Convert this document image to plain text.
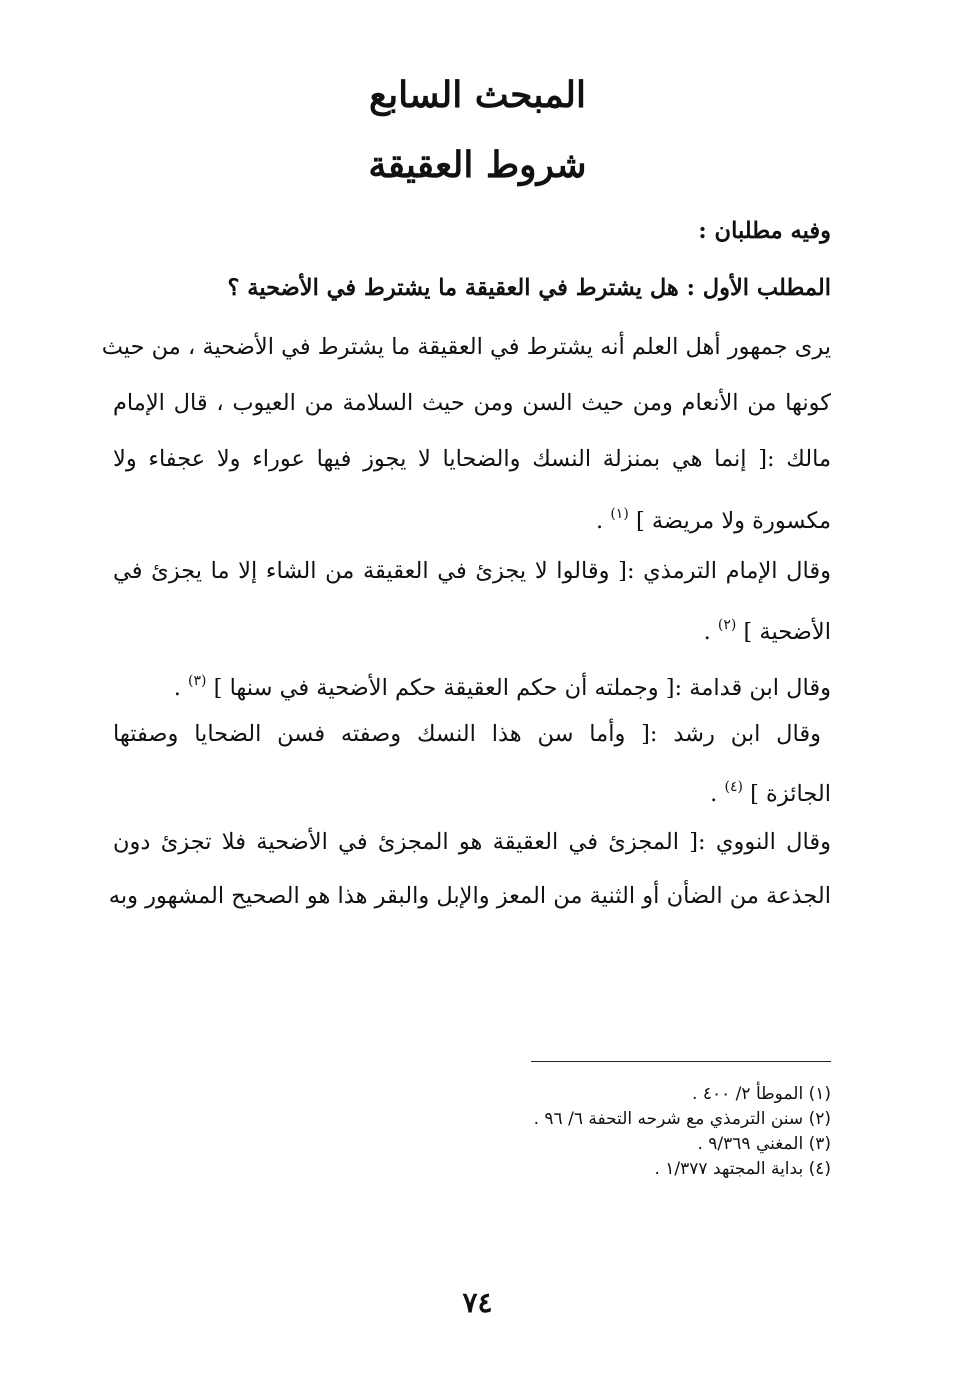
المبحث السابع
شروط العقيقة
وفيه مطلبان :
المطلب الأول : هل يشترط في العقيقة ما يشترط في الأضحية ؟
يرى جمهور أهل العلم أنه يشترط في العقيقة ما يشترط في الأضحية ، من حيث
كونها من الأنعام ومن حيث السن ومن حيث السلامة من العيوب ، قال الإمام
مالك :[ إنما هي بمنزلة النسك والضحايا لا يجوز فيها عوراء ولا عجفاء ولا
مكسورة ولا مريضة ] $^{(١)}$ .
وقال الإمام الترمذي :[ وقالوا لا يجزئ في العقيقة من الشاء إلا ما يجزئ في
الأضحية ] $^{(٢)}$ .
وقال ابن قدامة :[ وجملته أن حكم العقيقة حكم الأضحية في سنها ] $^{(٣)}$ .
وقال ابن رشد :[ وأما سن هذا النسك وصفته فسن الضحايا وصفتها
الجائزة ] $^{(٤)}$ .
وقال النووي :[ المجزئ في العقيقة هو المجزئ في الأضحية فلا تجزئ دون
الجذعة من الضأن أو الثنية من المعز والإبل والبقر هذا هو الصحيح المشهور وبه
(١) الموطأ ٢/ ٤٠٠ .
(٢) سنن الترمذي مع شرحه التحفة ٦/ ٩٦ .
(٣) المغني ٩/٣٦٩ .
(٤) بداية المجتهد ١/٣٧٧ .
٧٤
